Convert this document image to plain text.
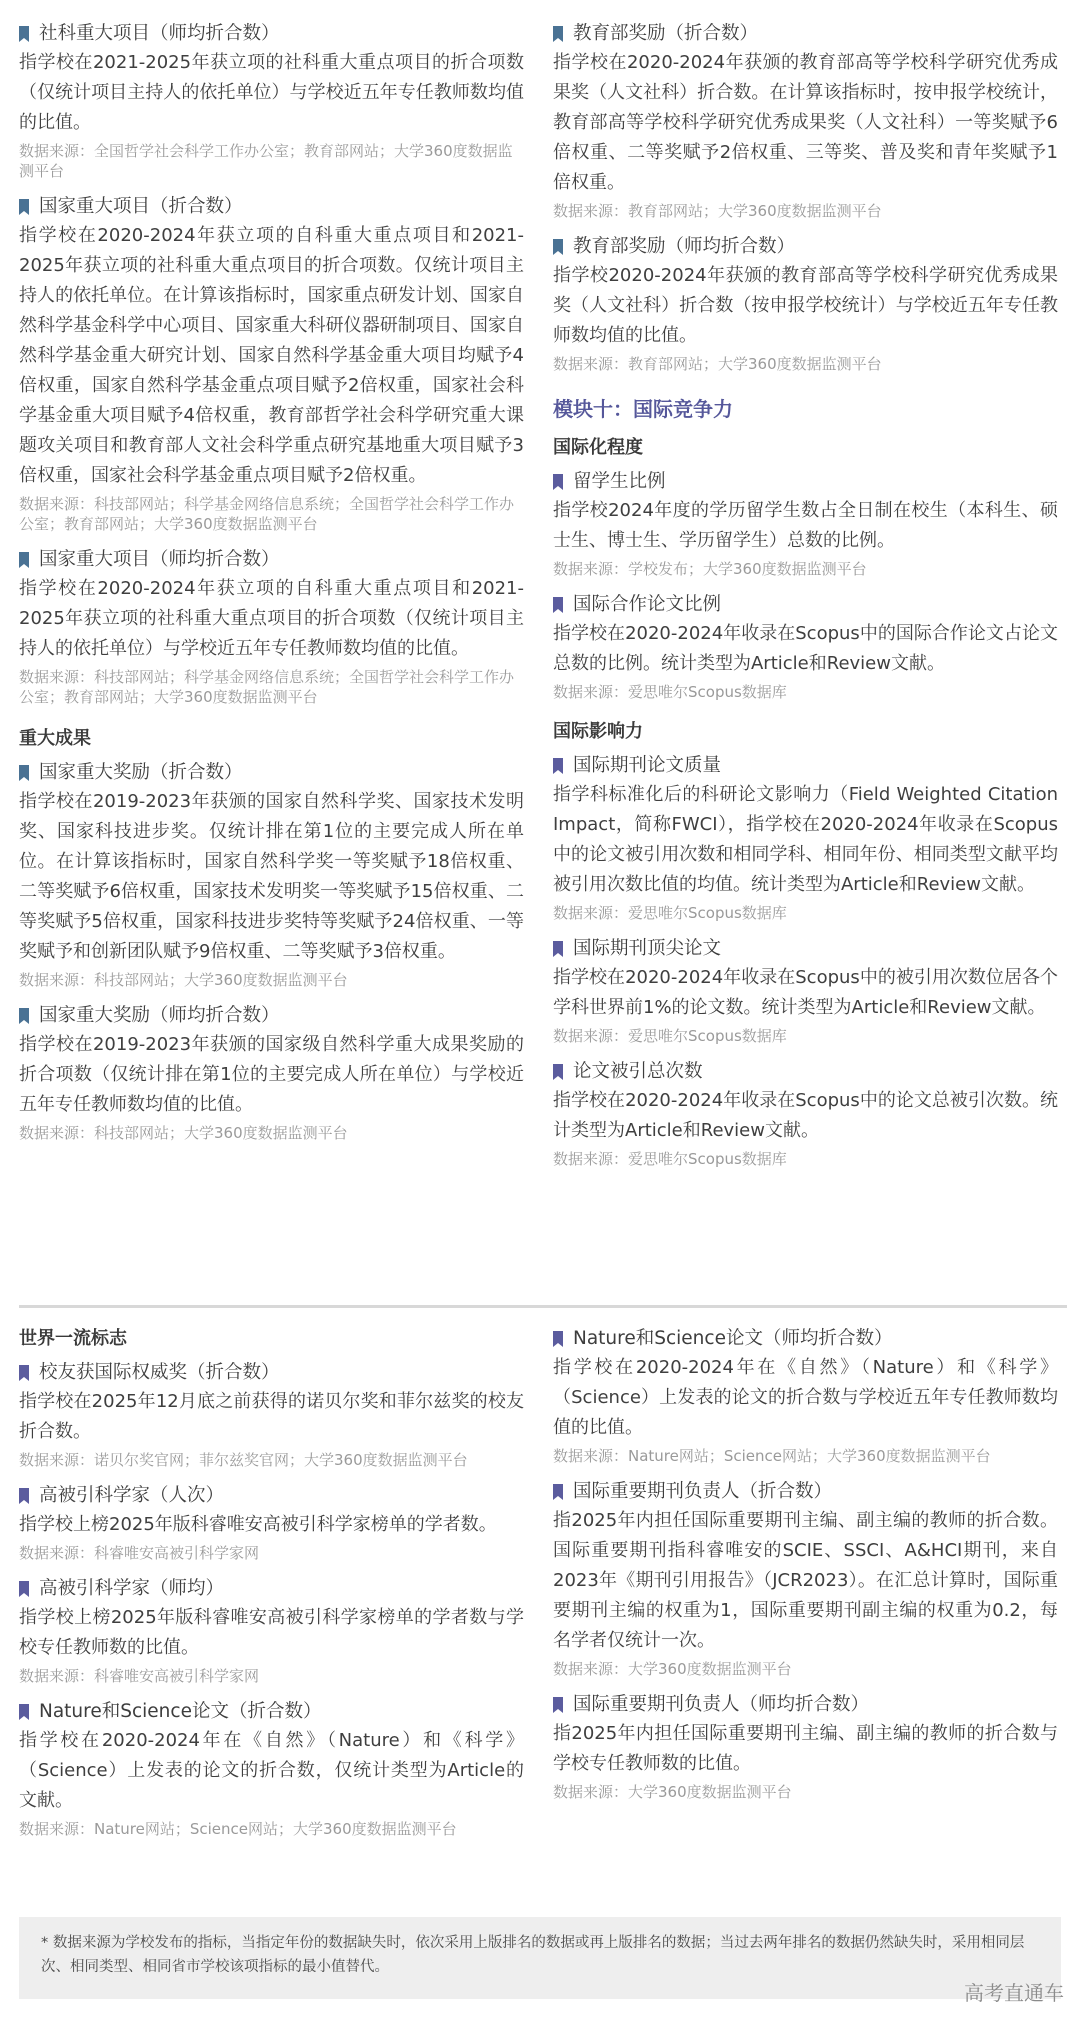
社科重大项目（师均折合数）
指学校在2021-2025年获立项的社科重大重点项目的折合项数（仅统计项目主持人的依托单位）与学校近五年专任教师数均值的比值。
数据来源：全国哲学社会科学工作办公室；教育部网站；大学360度数据监测平台
国家重大项目（折合数）
指学校在2020-2024年获立项的自科重大重点项目和2021-2025年获立项的社科重大重点项目的折合项数。仅统计项目主持人的依托单位。在计算该指标时，国家重点研发计划、国家自然科学基金科学中心项目、国家重大科研仪器研制项目、国家自然科学基金重大研究计划、国家自然科学基金重大项目均赋予4倍权重，国家自然科学基金重点项目赋予2倍权重，国家社会科学基金重大项目赋予4倍权重，教育部哲学社会科学研究重大课题攻关项目和教育部人文社会科学重点研究基地重大项目赋予3倍权重，国家社会科学基金重点项目赋予2倍权重。
数据来源：科技部网站；科学基金网络信息系统；全国哲学社会科学工作办公室；教育部网站；大学360度数据监测平台
国家重大项目（师均折合数）
指学校在2020-2024年获立项的自科重大重点项目和2021-2025年获立项的社科重大重点项目的折合项数（仅统计项目主持人的依托单位）与学校近五年专任教师数均值的比值。
数据来源：科技部网站；科学基金网络信息系统；全国哲学社会科学工作办公室；教育部网站；大学360度数据监测平台
重大成果
国家重大奖励（折合数）
指学校在2019-2023年获颁的国家自然科学奖、国家技术发明奖、国家科技进步奖。仅统计排在第1位的主要完成人所在单位。在计算该指标时，国家自然科学奖一等奖赋予18倍权重、二等奖赋予6倍权重，国家技术发明奖一等奖赋予15倍权重、二等奖赋予5倍权重，国家科技进步奖特等奖赋予24倍权重、一等奖赋予和创新团队赋予9倍权重、二等奖赋予3倍权重。
数据来源：科技部网站；大学360度数据监测平台
国家重大奖励（师均折合数）
指学校在2019-2023年获颁的国家级自然科学重大成果奖励的折合项数（仅统计排在第1位的主要完成人所在单位）与学校近五年专任教师数均值的比值。
数据来源：科技部网站；大学360度数据监测平台
教育部奖励（折合数）
指学校在2020-2024年获颁的教育部高等学校科学研究优秀成果奖（人文社科）折合数。在计算该指标时，按申报学校统计，教育部高等学校科学研究优秀成果奖（人文社科）一等奖赋予6倍权重、二等奖赋予2倍权重、三等奖、普及奖和青年奖赋予1倍权重。
数据来源：教育部网站；大学360度数据监测平台
教育部奖励（师均折合数）
指学校2020-2024年获颁的教育部高等学校科学研究优秀成果奖（人文社科）折合数（按申报学校统计）与学校近五年专任教师数均值的比值。
数据来源：教育部网站；大学360度数据监测平台
模块十：国际竞争力
国际化程度
留学生比例
指学校2024年度的学历留学生数占全日制在校生（本科生、硕士生、博士生、学历留学生）总数的比例。
数据来源：学校发布；大学360度数据监测平台
国际合作论文比例
指学校在2020-2024年收录在Scopus中的国际合作论文占论文总数的比例。统计类型为Article和Review文献。
数据来源：爱思唯尔Scopus数据库
国际影响力
国际期刊论文质量
指学科标准化后的科研论文影响力（Field Weighted Citation Impact，简称FWCI），指学校在2020-2024年收录在Scopus中的论文被引用次数和相同学科、相同年份、相同类型文献平均被引用次数比值的均值。统计类型为Article和Review文献。
数据来源：爱思唯尔Scopus数据库
国际期刊顶尖论文
指学校在2020-2024年收录在Scopus中的被引用次数位居各个学科世界前1%的论文数。统计类型为Article和Review文献。
数据来源：爱思唯尔Scopus数据库
论文被引总次数
指学校在2020-2024年收录在Scopus中的论文总被引次数。统计类型为Article和Review文献。
数据来源：爱思唯尔Scopus数据库
世界一流标志
校友获国际权威奖（折合数）
指学校在2025年12月底之前获得的诺贝尔奖和菲尔兹奖的校友折合数。
数据来源：诺贝尔奖官网；菲尔兹奖官网；大学360度数据监测平台
高被引科学家（人次）
指学校上榜2025年版科睿唯安高被引科学家榜单的学者数。
数据来源：科睿唯安高被引科学家网
高被引科学家（师均）
指学校上榜2025年版科睿唯安高被引科学家榜单的学者数与学校专任教师数的比值。
数据来源：科睿唯安高被引科学家网
Nature和Science论文（折合数）
指学校在2020-2024年在《自然》（Nature）和《科学》（Science）上发表的论文的折合数，仅统计类型为Article的文献。
数据来源：Nature网站；Science网站；大学360度数据监测平台
Nature和Science论文（师均折合数）
指学校在2020-2024年在《自然》（Nature）和《科学》（Science）上发表的论文的折合数与学校近五年专任教师数均值的比值。
数据来源：Nature网站；Science网站；大学360度数据监测平台
国际重要期刊负责人（折合数）
指2025年内担任国际重要期刊主编、副主编的教师的折合数。国际重要期刊指科睿唯安的SCIE、SSCI、A&HCI期刊，来自2023年《期刊引用报告》（JCR2023）。在汇总计算时，国际重要期刊主编的权重为1，国际重要期刊副主编的权重为0.2，每名学者仅统计一次。
数据来源：大学360度数据监测平台
国际重要期刊负责人（师均折合数）
指2025年内担任国际重要期刊主编、副主编的教师的折合数与学校专任教师数的比值。
数据来源：大学360度数据监测平台
* 数据来源为学校发布的指标，当指定年份的数据缺失时，依次采用上版排名的数据或再上版排名的数据；当过去两年排名的数据仍然缺失时，采用相同层次、相同类型、相同省市学校该项指标的最小值替代。
高考直通车
